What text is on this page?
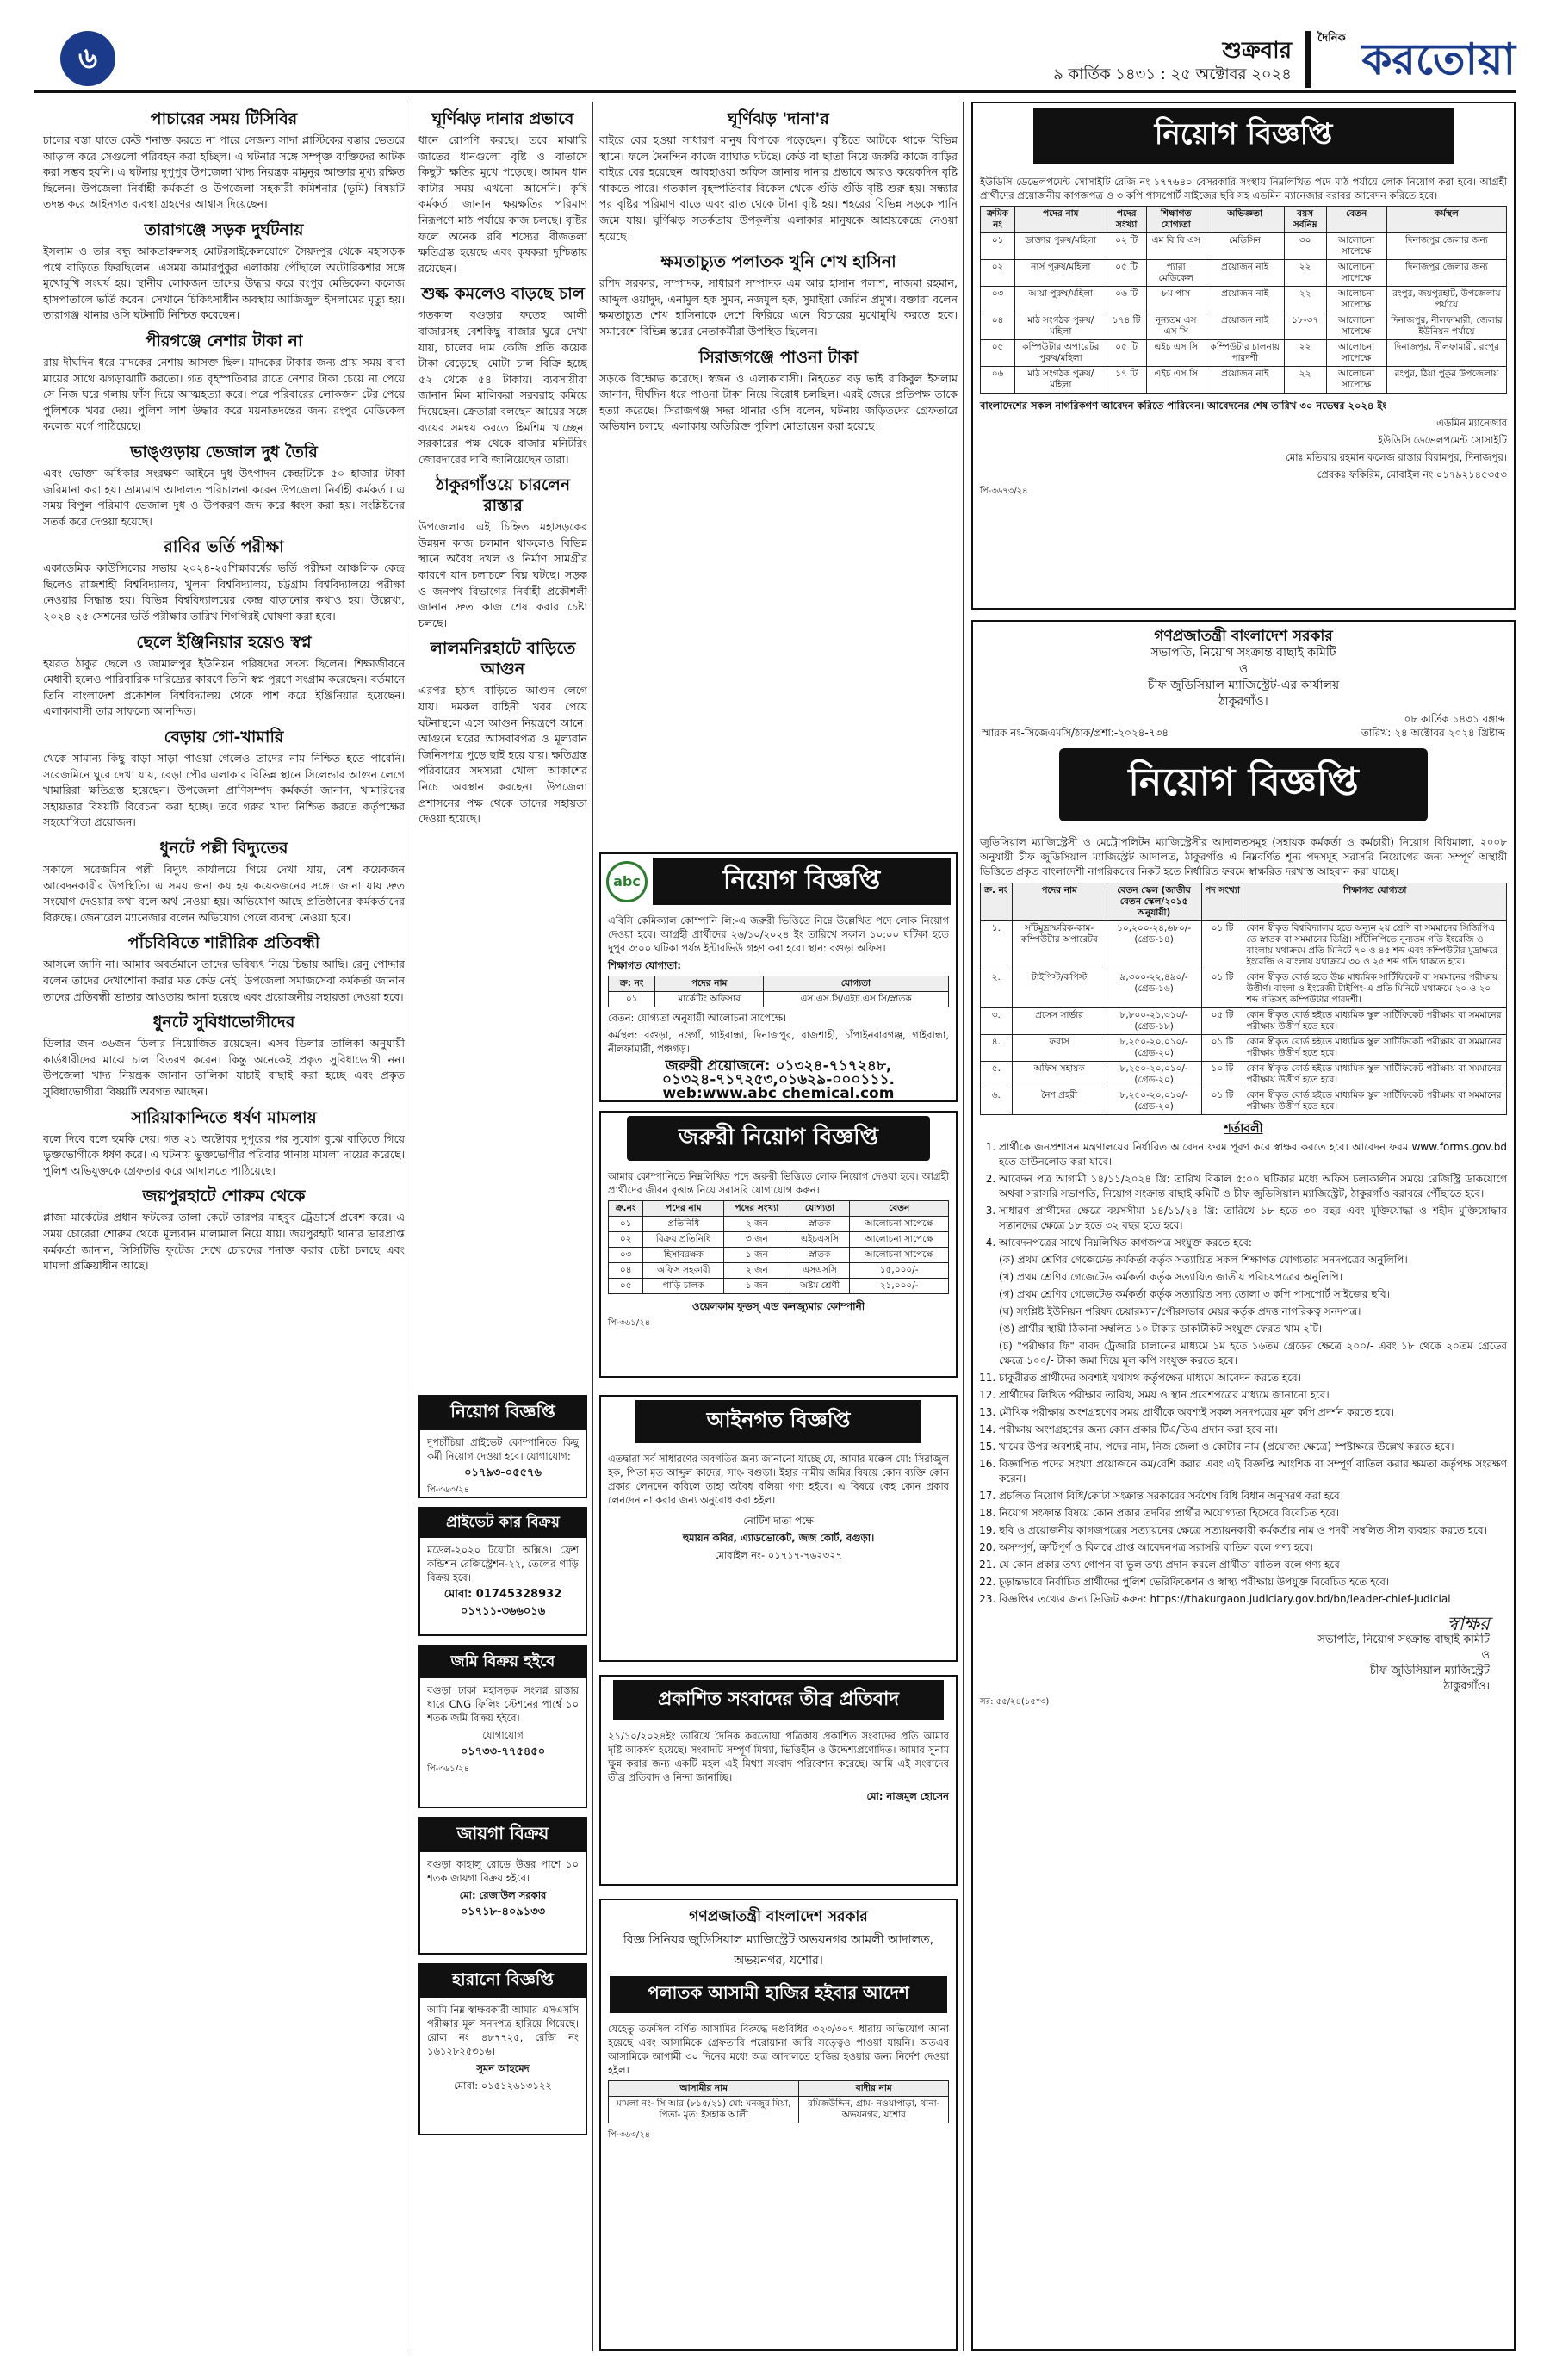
৬	শুক্রবার
৯ কার্তিক ১৪৩১ : ২৫ অক্টোবর ২০২৪
দৈনিক করতোয়া
পাচারের সময় টিসিবির

চালের বস্তা যাতে কেউ শনাক্ত করতে না পারে সেজন্য সাদা প্লাস্টিকের বস্তার ভেতরে আড়াল করে সেগুলো পরিবহন করা হচ্ছিল। এ ঘটনার সঙ্গে সম্পৃক্ত ব্যক্তিদের আটক করা সম্ভব হয়নি। এ ঘটনায় দুপুপুর উপজেলা খাদ্য নিয়ন্ত্রক মামুনুর আক্তার মুখ্য রক্ষিত ছিলেন। উপজেলা নির্বাহী কর্মকর্তা ও উপজেলা সহকারী কমিশনার (ভূমি) বিষয়টি তদন্ত করে আইনগত ব্যবস্থা গ্রহণের আশ্বাস দিয়েছেন।

তারাগঞ্জে সড়ক দুর্ঘটনায়

ইসলাম ও তার বন্ধু আকতারুলসহ মোটরসাইকেলযোগে সৈয়দপুর থেকে মহাসড়ক পথে বাড়িতে ফিরছিলেন। এসময় কামারপুকুর এলাকায় পৌঁছালে অটোরিকশার সঙ্গে মুখোমুখি সংঘর্ষ হয়। স্থানীয় লোকজন তাদের উদ্ধার করে রংপুর মেডিকেল কলেজ হাসপাতালে ভর্তি করেন। সেখানে চিকিৎসাধীন অবস্থায় আজিজুল ইসলামের মৃত্যু হয়। তারাগঞ্জ থানার ওসি ঘটনাটি নিশ্চিত করেছেন।

পীরগঞ্জে নেশার টাকা না

রায় দীঘদিন ধরে মাদকের নেশায় আসক্ত ছিল। মাদকের টাকার জন্য প্রায় সময় বাবা মায়ের সাথে ঝগড়াঝাটি করতো। গত বৃহস্পতিবার রাতে নেশার টাকা চেয়ে না পেয়ে সে নিজ ঘরে গলায় ফাঁস দিয়ে আত্মহত্যা করে। পরে পরিবারের লোকজন টের পেয়ে পুলিশকে খবর দেয়। পুলিশ লাশ উদ্ধার করে ময়নাতদন্তের জন্য রংপুর মেডিকেল কলেজ মর্গে পাঠিয়েছে।

ভাঙ্গুড়ায় ভেজাল দুধ তৈরি

এবং ভোক্তা অধিকার সংরক্ষণ আইনে দুধ উৎপাদন কেন্দ্রটিকে ৫০ হাজার টাকা জরিমানা করা হয়। ভ্রাম্যমাণ আদালত পরিচালনা করেন উপজেলা নির্বাহী কর্মকর্তা। এ সময় বিপুল পরিমাণ ভেজাল দুধ ও উপকরণ জব্দ করে ধ্বংস করা হয়। সংশ্লিষ্টদের সতর্ক করে দেওয়া হয়েছে।

রাবির ভর্তি পরীক্ষা

একাডেমিক কাউন্সিলের সভায় ২০২৪-২৫শিক্ষাবর্ষের ভর্তি পরীক্ষা আঞ্চলিক কেন্দ্র ছিলেও রাজশাহী বিশ্ববিদ্যালয়, খুলনা বিশ্ববিদ্যালয়, চট্টগ্রাম বিশ্ববিদ্যালয়ে পরীক্ষা নেওয়ার সিদ্ধান্ত হয়। বিভিন্ন বিশ্ববিদ্যালয়ের কেন্দ্র বাড়ানোর কথাও হয়। উল্লেখ্য, ২০২৪-২৫ সেশনের ভর্তি পরীক্ষার তারিখ শিগগিরই ঘোষণা করা হবে।

ছেলে ইঞ্জিনিয়ার হয়েও স্বপ্ন

হযরত ঠাকুর ছেলে ও জামালপুর ইউনিয়ন পরিষদের সদস্য ছিলেন। শিক্ষাজীবনে মেধাবী হলেও পারিবারিক দারিদ্র্যের কারণে তিনি স্বপ্ন পূরণে সংগ্রাম করেছেন। বর্তমানে তিনি বাংলাদেশ প্রকৌশল বিশ্ববিদ্যালয় থেকে পাশ করে ইঞ্জিনিয়ার হয়েছেন। এলাকাবাসী তার সাফল্যে আনন্দিত।

বেড়ায় গো-খামারি

থেকে সামান্য কিছু বাড়া সাড়া পাওয়া গেলেও তাদের নাম নিশ্চিত হতে পারেনি। সরেজমিনে ঘুরে দেখা যায়, বেড়া পৌর এলাকার বিভিন্ন স্থানে সিলেন্ডার আগুন লেগে খামারিরা ক্ষতিগ্রস্ত হয়েছেন। উপজেলা প্রাণিসম্পদ কর্মকর্তা জানান, খামারিদের সহায়তার বিষয়টি বিবেচনা করা হচ্ছে। তবে গরুর খাদ্য নিশ্চিত করতে কর্তৃপক্ষের সহযোগিতা প্রয়োজন।

ধুনটে পল্লী বিদ্যুতের

সকালে সরেজমিন পল্লী বিদ্যুৎ কার্যালয়ে গিয়ে দেখা যায়, বেশ কয়েকজন আবেদনকারীর উপস্থিতি। এ সময় জনা কয় হয় কয়েকজনের সঙ্গে। জানা যায় দ্রুত সংযোগ দেওয়ার কথা বলে অর্থ নেওয়া হয়। অভিযোগ আছে প্রতিষ্ঠানের কর্মকর্তাদের বিরুদ্ধে। জেনারেল ম্যানেজার বলেন অভিযোগ পেলে ব্যবস্থা নেওয়া হবে।

পাঁচবিবিতে শারীরিক প্রতিবন্ধী

আসলে জানি না। আমার অবর্তমানে তাদের ভবিষ্যৎ নিয়ে চিন্তায় আছি। রেনু পোদ্দার বলেন তাদের দেখাশোনা করার মত কেউ নেই। উপজেলা সমাজসেবা কর্মকর্তা জানান তাদের প্রতিবন্ধী ভাতার আওতায় আনা হয়েছে এবং প্রয়োজনীয় সহায়তা দেওয়া হবে।

ধুনটে সুবিধাভোগীদের

ডিলার জন ৩৬জন ডিলার নিয়োজিত রয়েছেন। এসব ডিলার তালিকা অনুযায়ী কার্ডধারীদের মাঝে চাল বিতরণ করেন। কিন্তু অনেকেই প্রকৃত সুবিধাভোগী নন। উপজেলা খাদ্য নিয়ন্ত্রক জানান তালিকা যাচাই বাছাই করা হচ্ছে এবং প্রকৃত সুবিধাভোগীরা বিষয়টি অবগত আছেন।

সারিয়াকান্দিতে ধর্ষণ মামলায়

বলে দিবে বলে হুমকি দেয়। গত ২১ অক্টোবর দুপুরের পর সুযোগ বুঝে বাড়িতে গিয়ে ভুক্তভোগীকে ধর্ষণ করে। এ ঘটনায় ভুক্তভোগীর পরিবার থানায় মামলা দায়ের করেছে। পুলিশ অভিযুক্তকে গ্রেফতার করে আদালতে পাঠিয়েছে।

জয়পুরহাটে শোরুম থেকে

প্লাজা মার্কেটের প্রধান ফটকের তালা কেটে তারপর মাহবুব ট্রেডার্সে প্রবেশ করে। এ সময় চোরেরা শোরুম থেকে মূল্যবান মালামাল নিয়ে যায়। জয়পুরহাট থানার ভারপ্রাপ্ত কর্মকর্তা জানান, সিসিটিভি ফুটেজ দেখে চোরদের শনাক্ত করার চেষ্টা চলছে এবং মামলা প্রক্রিয়াধীন আছে।

ঘূর্ণিঝড় দানার প্রভাবে

ধানে রোপণি করছে। তবে মাঝারি জাতের ধানগুলো বৃষ্টি ও বাতাসে কিছুটা ক্ষতির মুখে পড়েছে। আমন ধান কাটার সময় এখনো আসেনি। কৃষি কর্মকর্তা জানান ক্ষয়ক্ষতির পরিমাণ নিরূপণে মাঠ পর্যায়ে কাজ চলছে। বৃষ্টির ফলে অনেক রবি শস্যের বীজতলা ক্ষতিগ্রস্ত হয়েছে এবং কৃষকরা দুশ্চিন্তায় রয়েছেন।

শুল্ক কমলেও বাড়ছে চাল

গতকাল বগুড়ার ফতেহ আলী বাজারসহ বেশকিছু বাজার ঘুরে দেখা যায়, চালের দাম কেজি প্রতি কয়েক টাকা বেড়েছে। মোটা চাল বিক্রি হচ্ছে ৫২ থেকে ৫৪ টাকায়। ব্যবসায়ীরা জানান মিল মালিকরা সরবরাহ কমিয়ে দিয়েছেন। ক্রেতারা বলছেন আয়ের সঙ্গে ব্যয়ের সমন্বয় করতে হিমশিম খাচ্ছেন। সরকারের পক্ষ থেকে বাজার মনিটরিং জোরদারের দাবি জানিয়েছেন তারা।

ঠাকুরগাঁওয়ে চারলেন রাস্তার

উপজেলার এই চিহ্নিত মহাসড়কের উন্নয়ন কাজ চলমান থাকলেও বিভিন্ন স্থানে অবৈধ দখল ও নির্মাণ সামগ্রীর কারণে যান চলাচলে বিঘ্ন ঘটছে। সড়ক ও জনপথ বিভাগের নির্বাহী প্রকৌশলী জানান দ্রুত কাজ শেষ করার চেষ্টা চলছে।

লালমনিরহাটে বাড়িতে আগুন

এরপর হঠাৎ বাড়িতে আগুন লেগে যায়। দমকল বাহিনী খবর পেয়ে ঘটনাস্থলে এসে আগুন নিয়ন্ত্রণে আনে। আগুনে ঘরের আসবাবপত্র ও মূল্যবান জিনিসপত্র পুড়ে ছাই হয়ে যায়। ক্ষতিগ্রস্ত পরিবারের সদস্যরা খোলা আকাশের নিচে অবস্থান করছেন। উপজেলা প্রশাসনের পক্ষ থেকে তাদের সহায়তা দেওয়া হয়েছে।

ঘূর্ণিঝড় 'দানা'র

বাইরে বের হওয়া সাধারণ মানুষ বিপাকে পড়েছেন। বৃষ্টিতে আটকে থাকে বিভিন্ন স্থানে। ফলে দৈনন্দিন কাজে ব্যাঘাত ঘটছে। কেউ বা ছাতা নিয়ে জরুরি কাজে বাড়ির বাইরে বের হয়েছেন। আবহাওয়া অফিস জানায় দানার প্রভাবে আরও কয়েকদিন বৃষ্টি থাকতে পারে। গতকাল বৃহস্পতিবার বিকেল থেকে গুঁড়ি গুঁড়ি বৃষ্টি শুরু হয়। সন্ধ্যার পর বৃষ্টির পরিমাণ বাড়ে এবং রাত থেকে টানা বৃষ্টি হয়। শহরের বিভিন্ন সড়কে পানি জমে যায়। ঘূর্ণিঝড় সতর্কতায় উপকূলীয় এলাকার মানুষকে আশ্রয়কেন্দ্রে নেওয়া হয়েছে।

ক্ষমতাচ্যুত পলাতক খুনি শেখ হাসিনা

রশিদ সরকার, সম্পাদক, সাধারণ সম্পাদক এম আর হাসান পলাশ, নাজমা রহমান, আব্দুল ওয়াদুদ, এনামুল হক সুমন, নজমুল হক, সুমাইয়া জেরিন প্রমুখ। বক্তারা বলেন ক্ষমতাচ্যুত শেখ হাসিনাকে দেশে ফিরিয়ে এনে বিচারের মুখোমুখি করতে হবে। সমাবেশে বিভিন্ন স্তরের নেতাকর্মীরা উপস্থিত ছিলেন।

সিরাজগঞ্জে পাওনা টাকা

সড়কে বিক্ষোভ করেছে। স্বজন ও এলাকাবাসী। নিহতের বড় ভাই রাকিবুল ইসলাম জানান, দীর্ঘদিন ধরে পাওনা টাকা নিয়ে বিরোধ চলছিল। এরই জেরে প্রতিপক্ষ তাকে হত্যা করেছে। সিরাজগঞ্জ সদর থানার ওসি বলেন, ঘটনায় জড়িতদের গ্রেফতারে অভিযান চলছে। এলাকায় অতিরিক্ত পুলিশ মোতায়েন করা হয়েছে।

abc	নিয়োগ বিজ্ঞপ্তি

এবিসি কেমিক্যাল কোম্পানি লি:-এ জরুরী ভিত্তিতে নিম্নে উল্লেখিত পদে লোক নিয়োগ দেওয়া হবে। আগ্রহী প্রার্থীদের ২৬/১০/২০২৪ ইং তারিখে সকাল ১০:০০ ঘটিকা হতে দুপুর ৩:০০ ঘটিকা পর্যন্ত ইন্টারভিউ গ্রহণ করা হবে। স্থান: বগুড়া অফিস।

শিক্ষাগত যোগ্যতা:

ক্র: নং	পদের নাম	যোগ্যতা
০১	মার্কেটিং অফিসার	এস.এস.সি/এইচ.এস.সি/স্নাতক

বেতন: যোগ্যতা অনুযায়ী আলোচনা সাপেক্ষে।

কর্মস্থল: বগুড়া, নওগাঁ, গাইবান্ধা, দিনাজপুর, রাজশাহী, চাঁপাইনবাবগঞ্জ, গাইবান্ধা, নীলফামারী, পঞ্চগড়।

জরুরী প্রয়োজনে: ০১৩২৪-৭১৭২৪৮,
০১৩২৪-৭১৭২৫৩,০১৬২৯-০০০১১১.
web:www.abc chemical.com
জরুরী নিয়োগ বিজ্ঞপ্তি

আমার কোম্পানিতে নিম্নলিখিত পদে জরুরী ভিত্তিতে লোক নিয়োগ দেওয়া হবে। আগ্রহী প্রার্থীদের জীবন বৃত্তান্ত নিয়ে সরাসরি যোগাযোগ করুন।

ক্র.নং	পদের নাম	পদের সংখ্যা	যোগ্যতা	বেতন
০১	প্রতিনিধি	২ জন	স্নাতক	আলোচনা সাপেক্ষে
০২	বিক্রয় প্রতিনিধি	৩ জন	এইচএসসি	আলোচনা সাপেক্ষে
০৩	হিসাবরক্ষক	১ জন	স্নাতক	আলোচনা সাপেক্ষে
০৪	অফিস সহকারী	২ জন	এসএসসি	১৫,০০০/-
০৫	গাড়ি চালক	১ জন	অষ্টম শ্রেণী	২১,০০০/-

ওয়েলকাম ফুডস্ এন্ড কনজ্যুমার কোম্পানী

পি-৩৬১/২৪

নিয়োগ বিজ্ঞপ্তি

দুপচাঁচিয়া প্রাইভেট কোম্পানিতে কিছু কর্মী নিয়োগ দেওয়া হবে। যোগাযোগ:

০১৭৯৩-০৫৫৭৬

পি-৩৬৩/২৪

প্রাইভেট কার বিক্রয়

মডেল-২০২০ টয়োটা অক্সিও। ফ্রেশ কন্ডিশন রেজিস্ট্রেশন-২২, তেলের গাড়ি বিক্রয় হবে।

মোবা: 01745328932

০১৭১১-৩৬৬০১৬

জমি বিক্রয় হইবে

বগুড়া ঢাকা মহাসড়ক সংলগ্ন রাস্তার ধারে CNG ফিলিং স্টেশনের পার্শ্বে ১০ শতক জমি বিক্রয় হইবে।

যোগাযোগ

০১৭৩৩-৭৭৫৪৫০

পি-৩৬১/২৪

জায়গা বিক্রয়

বগুড়া কাহালু রোডে উত্তর পাশে ১০ শতক জায়গা বিক্রয় হইবে।

মো: রেজাউল সরকার

০১৭১৮-৪০৯১৩৩

হারানো বিজ্ঞপ্তি

আমি নিম্ন স্বাক্ষরকারী আমার এসএসসি পরীক্ষার মূল সনদপত্র হারিয়ে গিয়েছে। রোল নং ৪৮৭৭২৫, রেজি নং ১৬১২৮২৫৩১৬।

সুমন আহমেদ

মোবা: ০১৫১২৬১৩১২২

আইনগত বিজ্ঞপ্তি

এতদ্বারা সর্ব সাধারণের অবগতির জন্য জানানো যাচ্ছে যে, আমার মক্কেল মো: সিরাজুল হক, পিতা মৃত আব্দুল কাদের, সাং- বগুড়া। ইহার নামীয় জমির বিষয়ে কোন ব্যক্তি কোন প্রকার লেনদেন করিলে তাহা অবৈধ বলিয়া গণ্য হইবে। এ বিষয়ে কেহ কোন প্রকার লেনদেন না করার জন্য অনুরোধ করা হইল।

নোটিশ দাতা পক্ষে

হুমায়ন কবির, এ্যাডভোকেট, জজ কোর্ট, বগুড়া।

মোবাইল নং- ০১৭১৭-৭৬২৩২৭

প্রকাশিত সংবাদের তীব্র প্রতিবাদ

২১/১০/২০২৪ইং তারিখে দৈনিক করতোয়া পত্রিকায় প্রকাশিত সংবাদের প্রতি আমার দৃষ্টি আকর্ষণ হয়েছে। সংবাদটি সম্পূর্ণ মিথ্যা, ভিত্তিহীন ও উদ্দেশ্যপ্রণোদিত। আমার সুনাম ক্ষুন্ন করার জন্য একটি মহল এই মিথ্যা সংবাদ পরিবেশন করেছে। আমি এই সংবাদের তীব্র প্রতিবাদ ও নিন্দা জানাচ্ছি।

মো: নাজমুল হোসেন

গণপ্রজাতন্ত্রী বাংলাদেশ সরকার
বিজ্ঞ সিনিয়র জুডিসিয়াল ম্যাজিস্ট্রেট অভয়নগর আমলী আদালত, অভয়নগর, যশোর।
পলাতক আসামী হাজির হইবার আদেশ

যেহেতু তফসিল বর্ণিত আসামির বিরুদ্ধে দণ্ডবিধির ৩২৩/৩০৭ ধারায় অভিযোগ আনা হয়েছে এবং আসামিকে গ্রেফতারি পরোয়ানা জারি সত্ত্বেও পাওয়া যায়নি। অতএব আসামিকে আগামী ৩০ দিনের মধ্যে অত্র আদালতে হাজির হওয়ার জন্য নির্দেশ দেওয়া হইল।

আসামীর নাম	বাদীর নাম
মামলা নং- সি আর (৮১৫/২১) মো: মনজুর মিয়া, পিতা- মৃত: ইসহাক আলী	রমিজউদ্দিন, গ্রাম- নওয়াপাড়া, থানা- অভয়নগর, যশোর

পি-৩৬৩/২৪

নিয়োগ বিজ্ঞপ্তি

ইউডিসি ডেভেলপমেন্ট সোসাইটি রেজি নং ১৭৭৬৪০ বেসরকারি সংস্থায় নিম্নলিখিত পদে মাঠ পর্যায়ে লোক নিয়োগ করা হবে। আগ্রহী প্রার্থীদের প্রয়োজনীয় কাগজপত্র ও ৩ কপি পাসপোর্ট সাইজের ছবি সহ এডমিন ম্যানেজার বরাবর আবেদন করিতে হবে।

ক্রমিক নং	পদের নাম	পদের সংখ্যা	শিক্ষাগত যোগ্যতা	অভিজ্ঞতা	বয়স সর্বনিম্ন	বেতন	কর্মস্থল
০১	ডাক্তার পুরুষ/মহিলা	০২ টি	এম বি বি এস	মেডিসিন	৩০	আলোচনা সাপেক্ষে	দিনাজপুর জেলার জন্য
০২	নার্স পুরুষ/মহিলা	০৫ টি	প্যারা মেডিকেল	প্রয়োজন নাই	২২	আলোচনা সাপেক্ষে	দিনাজপুর জেলার জন্য
০৩	আয়া পুরুষ/মহিলা	০৬ টি	৮ম পাস	প্রয়োজন নাই	২২	আলোচনা সাপেক্ষে	রংপুর, জয়পুরহাট, উপজেলায় পর্যায়ে
০৪	মাঠ সংগঠক পুরুষ/মহিলা	১৭৪ টি	নূন্যতম এস এস সি	প্রয়োজন নাই	১৮-৩৭	আলোচনা সাপেক্ষে	দিনাজপুর, নীলফামারী, জেলার ইউনিয়ন পর্যায়ে
০৫	কম্পিউটার অপারেটর পুরুষ/মহিলা	০৫ টি	এইচ এস সি	কম্পিউটার চালনায় পারদর্শী	২২	আলোচনা সাপেক্ষে	দিনাজপুর, নীলফামারী, রংপুর
০৬	মাঠ সংগঠক পুরুষ/মহিলা	১৭ টি	এইচ এস সি	প্রয়োজন নাই	২২	আলোচনা সাপেক্ষে	রংপুর, ঠিয়া পুকুর উপজেলায়

বাংলাদেশের সকল নাগরিকগণ আবেদন করিতে পারিবেন। আবেদনের শেষ তারিখ ৩০ নভেম্বর ২০২৪ ইং

এডমিন ম্যানেজার

ইউডিসি ডেভেলপমেন্ট সোসাইটি

মোঃ মতিয়ার রহমান কলেজ রাস্তার বিরামপুর, দিনাজপুর।

প্রেরকঃ ফকিরিম, মোবাইল নং ০১৭৯২১৪৫৩৫৩

পি-৩৬৭৩/২৪

গণপ্রজাতন্ত্রী বাংলাদেশ সরকার
সভাপতি, নিয়োগ সংক্রান্ত বাছাই কমিটি
ও
চীফ জুডিসিয়াল ম্যাজিস্ট্রেট-এর কার্যালয়
ঠাকুরগাঁও।
০৮ কার্তিক ১৪৩১ বঙ্গাব্দ
স্মারক নং-সিজেএমসি/ঠাক/প্রশা:-২০২৪-৭৩৪	তারিখ: ২৪ অক্টোবর ২০২৪ খ্রিষ্টাব্দ
নিয়োগ বিজ্ঞপ্তি

জুডিসিয়াল ম্যাজিস্ট্রেসী ও মেট্রোপলিটন ম্যাজিস্ট্রেসীর আদালতসমূহ (সহায়ক কর্মকর্তা ও কর্মচারী) নিয়োগ বিধিমালা, ২০০৮ অনুযায়ী চীফ জুডিসিয়াল ম্যাজিস্ট্রেট আদালত, ঠাকুরগাঁও এ নিম্নবর্ণিত শূন্য পদসমূহ সরাসরি নিয়োগের জন্য সম্পূর্ণ অস্থায়ী ভিত্তিতে প্রকৃত বাংলাদেশী নাগরিকদের নিকট হতে নির্ধারিত ফরমে স্বাক্ষরিত দরখাস্ত আহবান করা যাচ্ছে।

ক্র. নং	পদের নাম	বেতন স্কেল (জাতীয় বেতন স্কেল/২০১৫ অনুযায়ী)	পদ সংখ্যা	শিক্ষাগত যোগ্যতা
১.	সাঁটমুদ্রাক্ষরিক-কাম-কম্পিউটার অপারেটর	১০,২০০-২৪,৬৮০/- (গ্রেড-১৪)	০১ টি	কোন স্বীকৃত বিশ্ববিদ্যালয় হতে অন্যূন ২য় শ্রেণি বা সমমানের সিজিপিএ তে স্নাতক বা সমমানের ডিগ্রি। সাঁটলিপিতে নূন্যতম গতি ইংরেজি ও বাংলায় যথাক্রমে প্রতি মিনিটে ৭০ ও ৪৫ শব্দ এবং কম্পিউটার মুদ্রাক্ষরে ইংরেজি ও বাংলায় যথাক্রমে ৩০ ও ২৫ শব্দ গতি থাকতে হবে।
২.	টাইপিস্ট/কপিস্ট	৯,৩০০-২২,৪৯০/- (গ্রেড-১৬)	০১ টি	কোন স্বীকৃত বোর্ড হতে উচ্চ মাধ্যমিক সার্টিফিকেট বা সমমানের পরীক্ষায় উত্তীর্ণ। বাংলা ও ইংরেজী টাইপিং-এ প্রতি মিনিটে যথাক্রমে ২০ ও ২০ শব্দ গতিসহ কম্পিউটার পারদর্শী।
৩.	প্রসেস সার্ভার	৮,৮০০-২১,৩১০/- (গ্রেড-১৮)	০৫ টি	কোন স্বীকৃত বোর্ড হইতে মাধ্যমিক স্কুল সার্টিফিকেট পরীক্ষায় বা সমমানের পরীক্ষায় উত্তীর্ণ হতে হবে।
৪.	ফরাস	৮,২৫০-২০,০১০/- (গ্রেড-২০)	০১ টি	কোন স্বীকৃত বোর্ড হইতে মাধ্যমিক স্কুল সার্টিফিকেট পরীক্ষায় বা সমমানের পরীক্ষায় উত্তীর্ণ হতে হবে।
৫.	অফিস সহায়ক	৮,২৫০-২০,০১০/- (গ্রেড-২০)	১০ টি	কোন স্বীকৃত বোর্ড হইতে মাধ্যমিক স্কুল সার্টিফিকেট পরীক্ষায় বা সমমানের পরীক্ষায় উত্তীর্ণ হতে হবে।
৬.	নৈশ প্রহরী	৮,২৫০-২০,০১০/- (গ্রেড-২০)	০১ টি	কোন স্বীকৃত বোর্ড হইতে মাধ্যমিক স্কুল সার্টিফিকেট পরীক্ষায় বা সমমানের পরীক্ষায় উত্তীর্ণ হতে হবে।

শর্তাবলী

1. প্রার্থীকে জনপ্রশাসন মন্ত্রণালয়ের নির্ধারিত আবেদন ফরম পূরণ করে স্বাক্ষর করতে হবে। আবেদন ফরম www.forms.gov.bd হতে ডাউনলোড করা যাবে।
2. আবেদন পত্র আগামী ১৪/১১/২০২৪ খ্রি: তারিখ বিকাল ৫:০০ ঘটিকার মধ্যে অফিস চলাকালীন সময়ে রেজিস্ট্রি ডাকযোগে অথবা সরাসরি সভাপতি, নিয়োগ সংক্রান্ত বাছাই কমিটি ও চীফ জুডিসিয়াল ম্যাজিস্ট্রেট, ঠাকুরগাঁও বরাবরে পৌঁছাতে হবে।
3. সাধারণ প্রার্থীদের ক্ষেত্রে বয়সসীমা ১৪/১১/২৪ খ্রি: তারিখে ১৮ হতে ৩০ বছর এবং মুক্তিযোদ্ধা ও শহীদ মুক্তিযোদ্ধার সন্তানদের ক্ষেত্রে ১৮ হতে ৩২ বছর হতে হবে।
4. আবেদনপত্রের সাথে নিম্নলিখিত কাগজপত্র সংযুক্ত করতে হবে:
(ক) প্রথম শ্রেণির গেজেটেড কর্মকর্তা কর্তৃক সত্যায়িত সকল শিক্ষাগত যোগ্যতার সনদপত্রের অনুলিপি।
(খ) প্রথম শ্রেণির গেজেটেড কর্মকর্তা কর্তৃক সত্যায়িত জাতীয় পরিচয়পত্রের অনুলিপি।
(গ) প্রথম শ্রেণির গেজেটেড কর্মকর্তা কর্তৃক সত্যায়িত সদ্য তোলা ৩ কপি পাসপোর্ট সাইজের ছবি।
(ঘ) সংশ্লিষ্ট ইউনিয়ন পরিষদ চেয়ারম্যান/পৌরসভার মেয়র কর্তৃক প্রদত্ত নাগরিকত্ব সনদপত্র।
(ঙ) প্রার্থীর স্থায়ী ঠিকানা সম্বলিত ১০ টাকার ডাকটিকিট সংযুক্ত ফেরত খাম ২টি।
(চ) "পরীক্ষার ফি" বাবদ ট্রেজারি চালানের মাধ্যমে ১ম হতে ১৬তম গ্রেডের ক্ষেত্রে ২০০/- এবং ১৮ থেকে ২০তম গ্রেডের ক্ষেত্রে ১০০/- টাকা জমা দিয়ে মূল কপি সংযুক্ত করতে হবে।
11. চাকুরীরত প্রার্থীদের অবশ্যই যথাযথ কর্তৃপক্ষের মাধ্যমে আবেদন করতে হবে।
12. প্রার্থীদের লিখিত পরীক্ষার তারিখ, সময় ও স্থান প্রবেশপত্রের মাধ্যমে জানানো হবে।
13. মৌখিক পরীক্ষায় অংশগ্রহণের সময় প্রার্থীকে অবশ্যই সকল সনদপত্রের মূল কপি প্রদর্শন করতে হবে।
14. পরীক্ষায় অংশগ্রহণের জন্য কোন প্রকার টিএ/ডিএ প্রদান করা হবে না।
15. খামের উপর অবশ্যই নাম, পদের নাম, নিজ জেলা ও কোটার নাম (প্রযোজ্য ক্ষেত্রে) স্পষ্টাক্ষরে উল্লেখ করতে হবে।
16. বিজ্ঞাপিত পদের সংখ্যা প্রয়োজনে কম/বেশি করার এবং এই বিজ্ঞপ্তি আংশিক বা সম্পূর্ণ বাতিল করার ক্ষমতা কর্তৃপক্ষ সংরক্ষণ করেন।
17. প্রচলিত নিয়োগ বিধি/কোটা সংক্রান্ত সরকারের সর্বশেষ বিধি বিধান অনুসরণ করা হবে।
18. নিয়োগ সংক্রান্ত বিষয়ে কোন প্রকার তদবির প্রার্থীর অযোগ্যতা হিসেবে বিবেচিত হবে।
19. ছবি ও প্রয়োজনীয় কাগজপত্রের সত্যায়নের ক্ষেত্রে সত্যায়নকারী কর্মকর্তার নাম ও পদবী সম্বলিত সীল ব্যবহার করতে হবে।
20. অসম্পূর্ণ, ত্রুটিপূর্ণ ও বিলম্বে প্রাপ্ত আবেদনপত্র সরাসরি বাতিল বলে গণ্য হবে।
21. যে কোন প্রকার তথ্য গোপন বা ভুল তথ্য প্রদান করলে প্রার্থীতা বাতিল বলে গণ্য হবে।
22. চূড়ান্তভাবে নির্বাচিত প্রার্থীদের পুলিশ ভেরিফিকেশন ও স্বাস্থ্য পরীক্ষায় উপযুক্ত বিবেচিত হতে হবে।
23. বিজ্ঞপ্তির তথ্যের জন্য ভিজিট করুন: https://thakurgaon.judiciary.gov.bd/bn/leader-chief-judicial
স্বাক্ষর
সভাপতি, নিয়োগ সংক্রান্ত বাছাই কমিটি
ও
চীফ জুডিসিয়াল ম্যাজিস্ট্রেট
ঠাকুরগাঁও।

সর: ৫৫/২৪(১৫*৩)
